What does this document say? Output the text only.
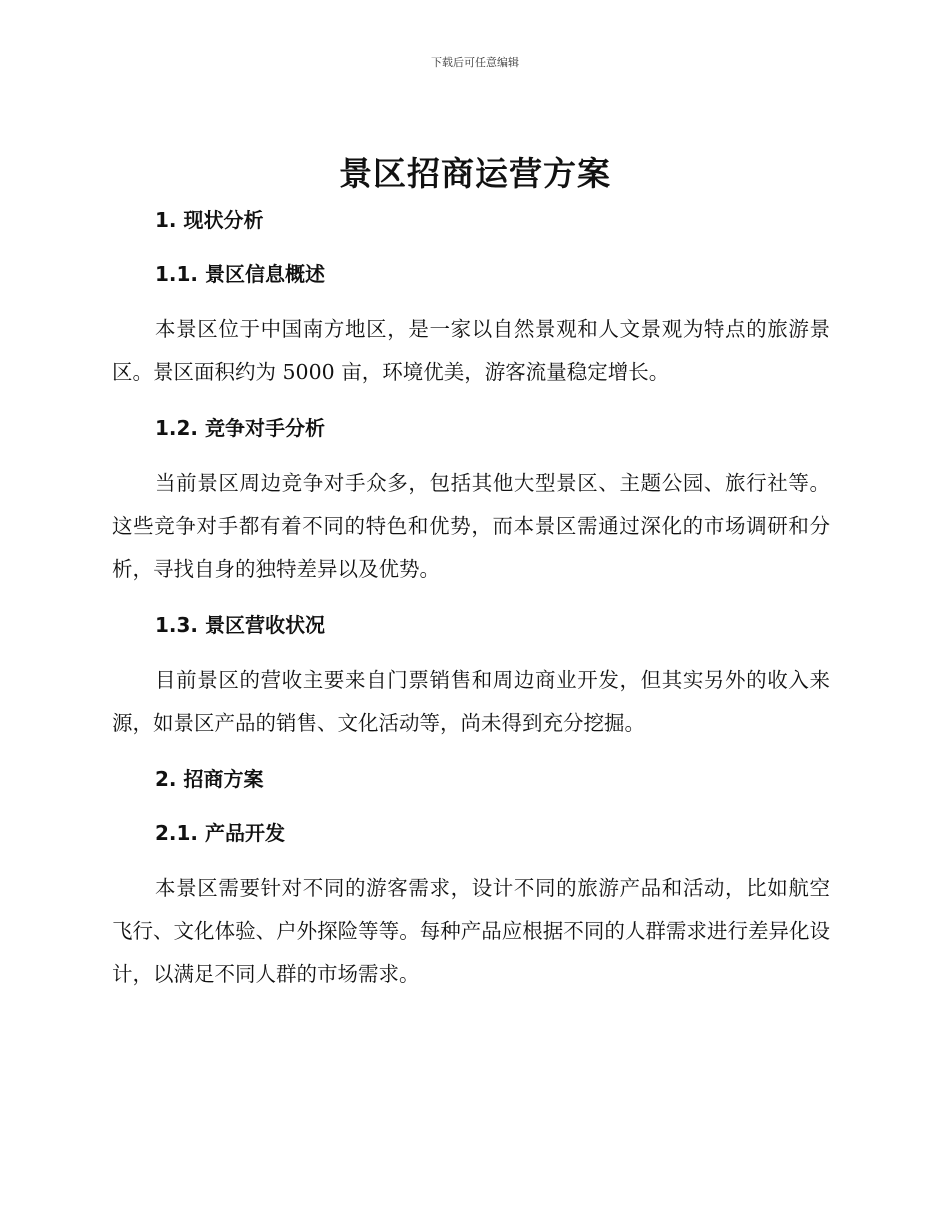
下载后可任意编辑
景区招商运营方案

1. 现状分析

1.1. 景区信息概述

本景区位于中国南方地区，是一家以自然景观和人文景观为特点的旅游景区。景区面积约为 5000 亩，环境优美，游客流量稳定增长。

1.2. 竞争对手分析

当前景区周边竞争对手众多，包括其他大型景区、主题公园、旅行社等。这些竞争对手都有着不同的特色和优势，而本景区需通过深化的市场调研和分析，寻找自身的独特差异以及优势。

1.3. 景区营收状况

目前景区的营收主要来自门票销售和周边商业开发，但其实另外的收入来源，如景区产品的销售、文化活动等，尚未得到充分挖掘。

2. 招商方案

2.1. 产品开发

本景区需要针对不同的游客需求，设计不同的旅游产品和活动，比如航空飞行、文化体验、户外探险等等。每种产品应根据不同的人群需求进行差异化设计，以满足不同人群的市场需求。
